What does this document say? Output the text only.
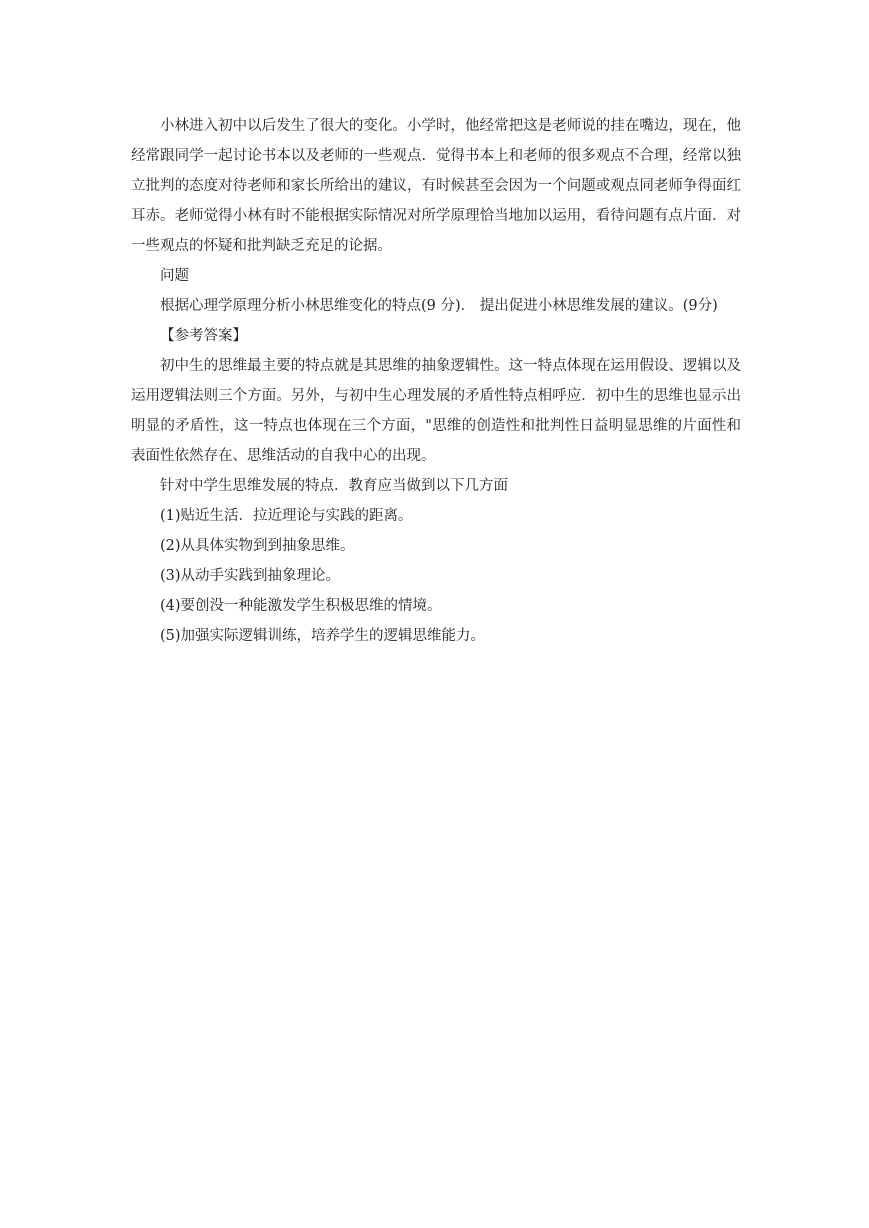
小林进入初中以后发生了很大的变化。小学时，他经常把这是老师说的挂在嘴边，现在，他经常跟同学一起讨论书本以及老师的一些观点．觉得书本上和老师的很多观点不合理，经常以独立批判的态度对待老师和家长所给出的建议，有时候甚至会因为一个问题或观点同老师争得面红耳赤。老师觉得小林有时不能根据实际情况对所学原理恰当地加以运用，看待问题有点片面．对一些观点的怀疑和批判缺乏充足的论据。

问题

根据心理学原理分析小林思维变化的特点(9 分)． 提出促进小林思维发展的建议。(9分)

【参考答案】

初中生的思维最主要的特点就是其思维的抽象逻辑性。这一特点体现在运用假设、逻辑以及运用逻辑法则三个方面。另外，与初中生心理发展的矛盾性特点相呼应．初中生的思维也显示出明显的矛盾性，这一特点也体现在三个方面，"思维的创造性和批判性日益明显思维的片面性和表面性依然存在、思维活动的自我中心的出现。

针对中学生思维发展的特点．教育应当做到以下几方面

(1)贴近生活．拉近理论与实践的距离。

(2)从具体实物到到抽象思维。

(3)从动手实践到抽象理论。

(4)要创没一种能激发学生积极思维的情境。

(5)加强实际逻辑训练，培养学生的逻辑思维能力。
